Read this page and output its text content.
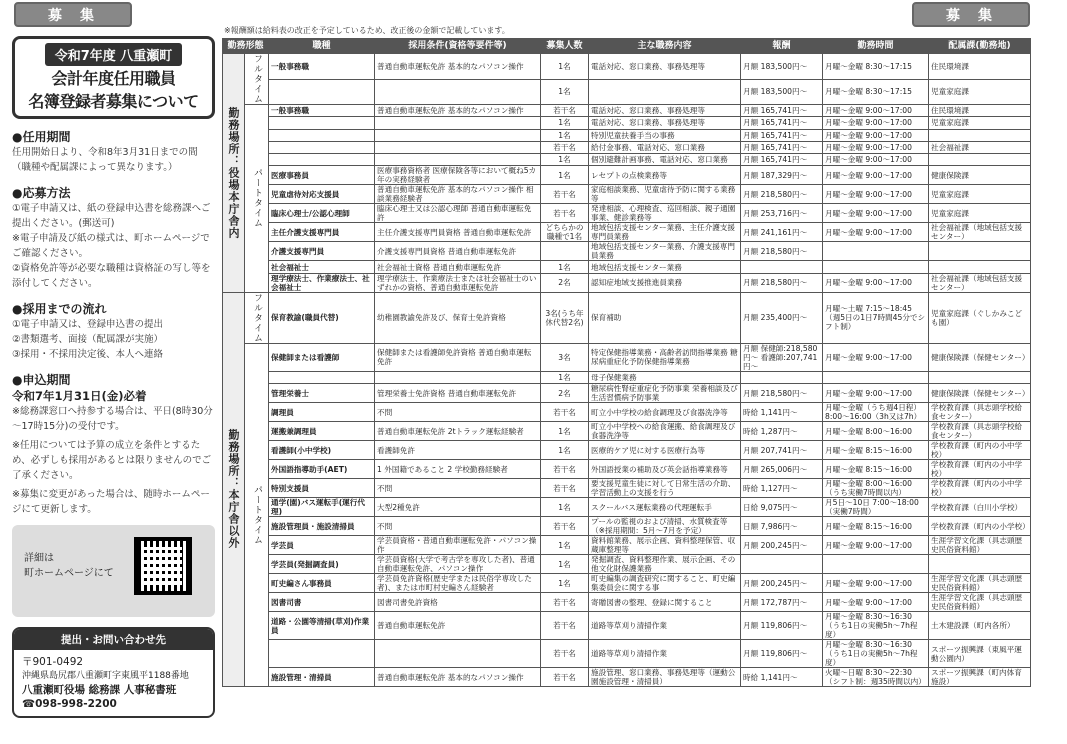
募集	募集
令和7年度 八重瀬町
会計年度任用職員
名簿登録者募集について
●任用期間
任用開始日より、令和8年3月31日までの間（職種や配属課によって異なります。）
●応募方法
①電子申請又は、紙の登録申込書を総務課へご提出ください。(郵送可)
※電子申請及び紙の様式は、町ホームページでご確認ください。
②資格免許等が必要な職種は資格証の写し等を添付してください。
●採用までの流れ
①電子申請又は、登録申込書の提出
②書類選考、面接（配属課が実施）
③採用・不採用決定後、本人へ連絡
●申込期間
令和7年1月31日(金)必着
※総務課窓口へ持参する場合は、平日(8時30分～17時15分)の受付です。
※任用については予算の成立を条件とするため、必ずしも採用があるとは限りませんのでご了承ください。
※募集に変更があった場合は、随時ホームページにて更新します。
詳細は
町ホームページにて
提出・お問い合わせ先
〒901-0492
沖縄県島尻郡八重瀬町字東風平1188番地
八重瀬町役場 総務課 人事秘書班
☎098-998-2200
※報酬額は給料表の改正を予定しているため、改正後の金額で記載しています。
勤務形態		職種	採用条件(資格等要件等)	募集人数	主な職務内容	報酬	勤務時間	配属課(勤務地)
勤務場所：役場本庁舎内	フルタイム	一般事務職	普通自動車運転免許 基本的なパソコン操作	1名	電話対応、窓口業務、事務処理等	月額 183,500円～	月曜～金曜 8:30～17:15	住民環境課
				1名		月額 183,500円～	月曜～金曜 8:30～17:15	児童家庭課
	パートタイム	一般事務職	普通自動車運転免許 基本的なパソコン操作	若干名	電話対応、窓口業務、事務処理等	月額 165,741円～	月曜～金曜 9:00～17:00	住民環境課
				1名	電話対応、窓口業務、事務処理等	月額 165,741円～	月曜～金曜 9:00～17:00	児童家庭課
				1名	特別児童扶養手当の事務	月額 165,741円～	月曜～金曜 9:00～17:00	
				若干名	給付金事務、電話対応、窓口業務	月額 165,741円～	月曜～金曜 9:00～17:00	社会福祉課
				1名	個別避難計画事務、電話対応、窓口業務	月額 165,741円～	月曜～金曜 9:00～17:00	
		医療事務員	医療事務資格者 医療保険各等において概ね5カ年の実務経験者	1名	レセプトの点検業務等	月額 187,329円～	月曜～金曜 9:00～17:00	健康保険課
		児童虐待対応支援員	普通自動車運転免許 基本的なパソコン操作 相談業務経験者	若干名	家庭相談業務、児童虐待予防に関する業務等	月額 218,580円～	月曜～金曜 9:00～17:00	児童家庭課
		臨床心理士/公認心理師	臨床心理士又は公認心理師 普通自動車運転免許	若干名	発達相談、心理検査、巡回相談、親子通園事業、健診業務等	月額 253,716円～	月曜～金曜 9:00～17:00	児童家庭課
		主任介護支援専門員	主任介護支援専門員資格 普通自動車運転免許	どちらかの職種で1名	地域包括支援センター業務、主任介護支援専門員業務	月額 241,161円～	月曜～金曜 9:00～17:00	社会福祉課（地域包括支援センター）
		介護支援専門員	介護支援専門員資格 普通自動車運転免許		地域包括支援センター業務、介護支援専門員業務	月額 218,580円～		
		社会福祉士	社会福祉士資格 普通自動車運転免許	1名	地域包括支援センター業務			
		理学療法士、作業療法士、社会福祉士	理学療法士、作業療法士または社会福祉士のいずれかの資格、普通自動車運転免許	2名	認知症地域支援推進員業務	月額 218,580円～	月曜～金曜 9:00～17:00	社会福祉課（地域包括支援センター）
勤務場所：本庁舎以外	フルタイム	保育教諭(職員代替)	幼稚園教諭免許及び、保育士免許資格	3名(うち年休代替2名)	保育補助	月額 235,400円～	月曜～土曜 7:15～18:45（週5日の1日7時間45分でシフト制）	児童家庭課（ぐしかみこども園）
	パートタイム	保健師または看護師	保健師または看護師免許資格 普通自動車運転免許	3名	特定保健指導業務・高齢者訪問指導業務 糖尿病重症化予防保健指導業務	月額 保健師:218,580円～ 看護師:207,741円～	月曜～金曜 9:00～17:00	健康保険課（保健センター）
				1名	母子保健業務			
		管理栄養士	管理栄養士免許資格 普通自動車運転免許	2名	糖尿病性腎症重症化予防事業 栄養相談及び生活習慣病予防事業	月額 218,580円～	月曜～金曜 9:00～17:00	健康保険課（保健センター）
		調理員	不問	若干名	町立小中学校の給食調理及び食器洗浄等	時給 1,141円～	月曜～金曜（うち週4日程）8:00～16:00（3h又は7h）	学校教育課（具志頭学校給食センター）
		運搬兼調理員	普通自動車運転免許 2tトラック運転経験者	1名	町立小中学校への給食運搬、給食調理及び食器洗浄等	時給 1,287円～	月曜～金曜 8:00～16:00	学校教育課（具志頭学校給食センター）
		看護師(小中学校)	看護師免許	1名	医療的ケア児に対する医療行為等	月額 207,741円～	月曜～金曜 8:15～16:00	学校教育課（町内の小中学校）
		外国語指導助手(AET)	1 外国籍であること 2 学校勤務経験者	若干名	外国語授業の補助及び英会話指導業務等	月額 265,006円～	月曜～金曜 8:15～16:00	学校教育課（町内の小中学校）
		特別支援員	不問	若干名	要支援児童生徒に対して日常生活の介助、学習活動上の支援を行う	時給 1,127円～	月曜～金曜 8:00～16:00（うち実働7時間以内）	学校教育課（町内の小中学校）
		通学(園)バス運転手(運行代理)	大型2種免許	1名	スクールバス運転業務の代理運転手	日給 9,075円～	月5日～10日 7:00～18:00（実働7時間）	学校教育課（白川小学校）
		施設管理員・施設清掃員	不問	若干名	プールの監視のおよび清掃、水質検査等（※採用期間：5月～7月を予定）	日額 7,986円～	月曜～金曜 8:15～16:00	学校教育課（町内の小学校）
		学芸員	学芸員資格・普通自動車運転免許・パソコン操作	1名	資料館業務、展示企画、資料整理保管、収蔵庫整理等	月額 200,245円～	月曜～金曜 9:00～17:00	生涯学習文化課（具志頭歴史民俗資料館）
		学芸員(発掘調査員)	学芸員資格(大学で考古学を専攻した者)、普通自動車運転免許、パソコン操作	1名	発掘調査、資料整理作業、展示企画、その他文化財保護業務			
		町史編さん事務員	学芸員免許資格(歴史学または民俗学専攻した者)、または市町村史編さん経験者	1名	町史編集の調査研究に関すること、町史編集委員会に関する事	月額 200,245円～	月曜～金曜 9:00～17:00	生涯学習文化課（具志頭歴史民俗資料館）
		図書司書	図書司書免許資格	若干名	寄贈図書の整理、登録に関すること	月額 172,787円～	月曜～金曜 9:00～17:00	生涯学習文化課（具志頭歴史民俗資料館）
		道路・公園等清掃(草刈)作業員	普通自動車運転免許	若干名	道路等草刈り清掃作業	月額 119,806円～	月曜～金曜 8:30～16:30（うち1日の実働5h～7h程度）	土木建設課（町内各所）
				若干名	道路等草刈り清掃作業	月額 119,806円～	月曜～金曜 8:30～16:30（うち1日の実働5h～7h程度）	スポーツ振興課（東風平運動公園内）
		施設管理・清掃員	普通自動車運転免許 基本的なパソコン操作	若干名	施設管理、窓口業務、事務処理等（運動公園施設管理・清掃員）	時給 1,141円～	火曜～日曜 8:30～22:30（シフト制：週35時間以内）	スポーツ振興課（町内体育施設）
